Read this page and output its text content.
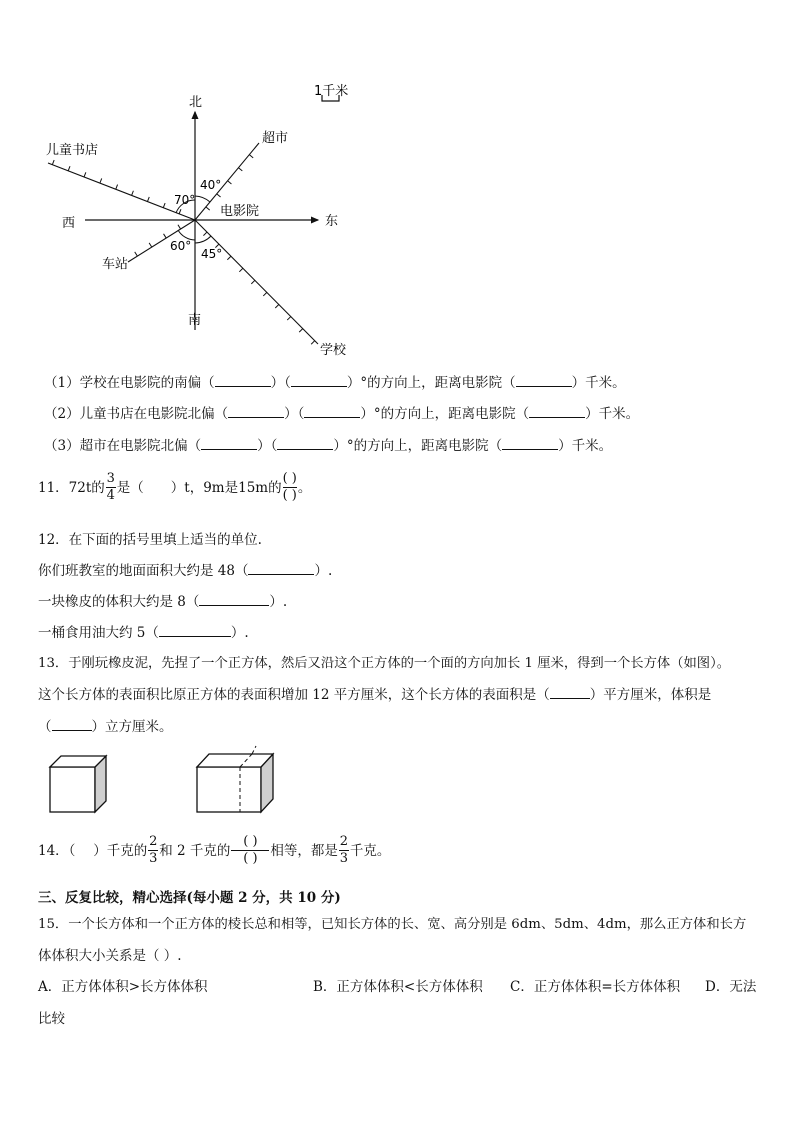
1千米
北
南
东
西
40°
70°
60°
45°
电影院
超市
儿童书店
车站
学校
（1）学校在电影院的南偏（	）（	）°的方向上，距离电影院（	）千米。
（2）儿童书店在电影院北偏（	）（	）°的方向上，距离电影院（	）千米。
（3）超市在电影院北偏（	）（	）°的方向上，距离电影院（	）千米。
11．72t的 $\frac{3}{4}$ 是（　　）t，9m是15m的 $\frac{( )}{( )}$ 。
12．在下面的括号里填上适当的单位.
你们班教室的地面面积大约是 48（	）.
一块橡皮的体积大约是 8（	）.
一桶食用油大约 5（	）.
13．于刚玩橡皮泥，先捏了一个正方体，然后又沿这个正方体的一个面的方向加长 1 厘米，得到一个长方体（如图）。
这个长方体的表面积比原正方体的表面积增加 12 平方厘米，这个长方体的表面积是（	）平方厘米，体积是
（	）立方厘米。
14．（　 ）千克的 $\frac{2}{3}$ 和 2 千克的 $\frac{( )}{( )}$ 相等，都是 $\frac{2}{3}$ 千克。
三、反复比较，精心选择(每小题 2 分，共 10 分)
15．一个长方体和一个正方体的棱长总和相等，已知长方体的长、宽、高分别是 6dm、5dm、4dm，那么正方体和长方
体体积大小关系是（ ）.
A．正方体体积>长方体体积	B．正方体体积<长方体体积 C．正方体体积=长方体体积 D．无法
比较
